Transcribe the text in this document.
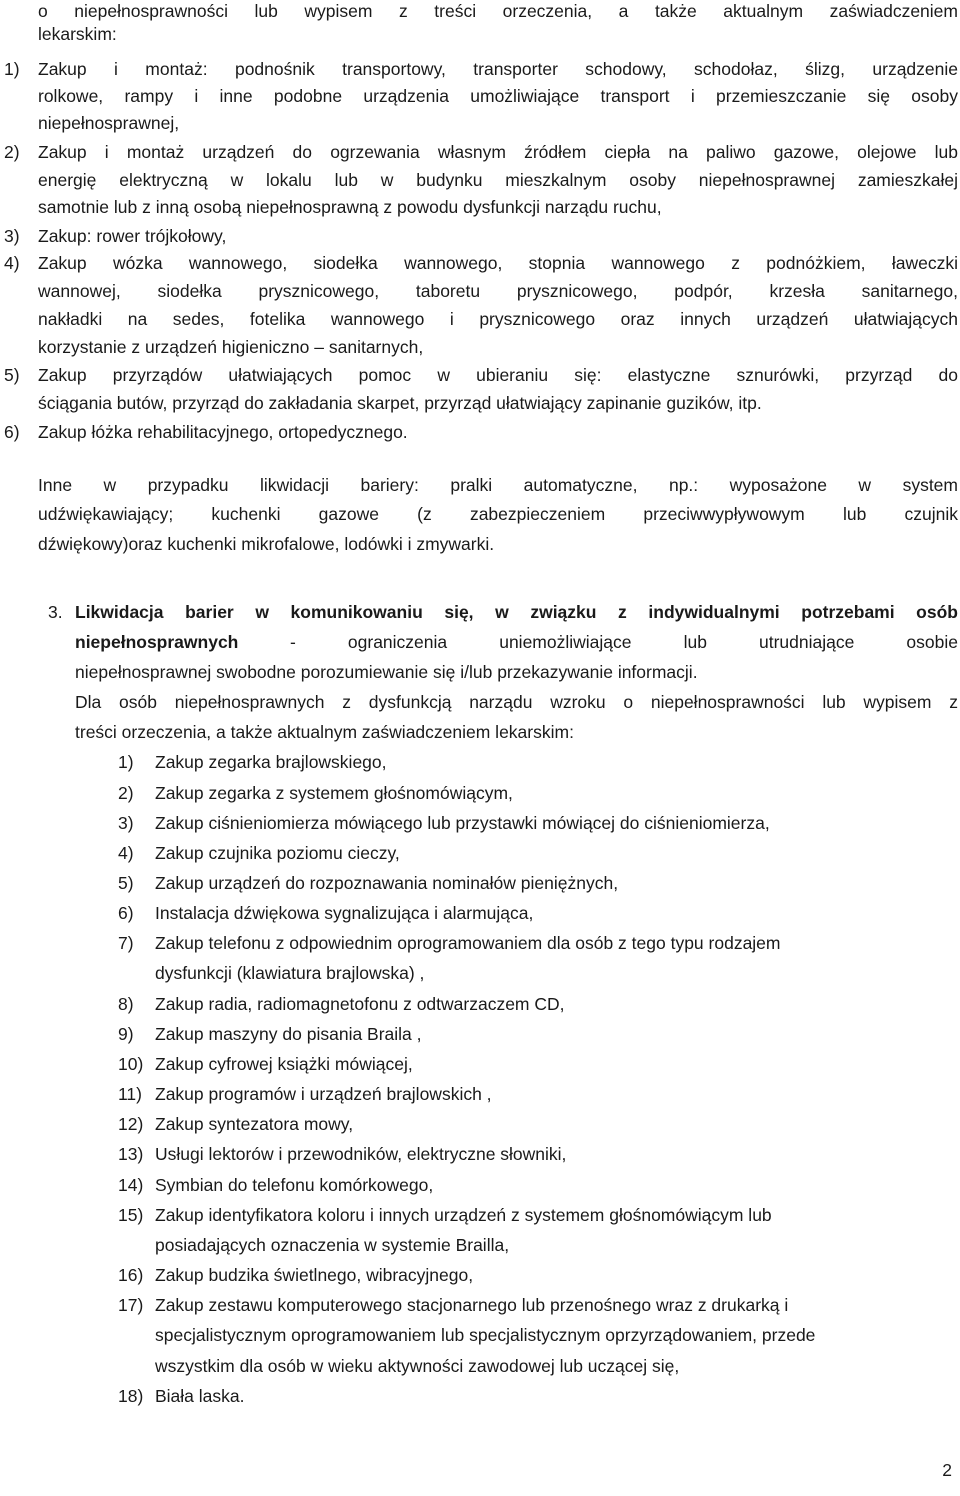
o niepełnosprawności lub wypisem z treści orzeczenia, a także aktualnym zaświadczeniem
lekarskim:
1) Zakup i montaż: podnośnik transportowy, transporter schodowy, schodołaz, ślizg, urządzenie
rolkowe, rampy i inne podobne urządzenia umożliwiające transport i przemieszczanie się osoby
niepełnosprawnej,
2) Zakup i montaż urządzeń do ogrzewania własnym źródłem ciepła na paliwo gazowe, olejowe lub
energię elektryczną w lokalu lub w budynku mieszkalnym osoby niepełnosprawnej zamieszkałej
samotnie lub z inną osobą niepełnosprawną z powodu dysfunkcji narządu ruchu,
3) Zakup: rower trójkołowy,
4) Zakup wózka wannowego, siodełka wannowego, stopnia wannowego z podnóżkiem, ławeczki
wannowej, siodełka prysznicowego, taboretu prysznicowego, podpór, krzesła sanitarnego,
nakładki na sedes, fotelika wannowego i prysznicowego oraz innych urządzeń ułatwiających
korzystanie z urządzeń higieniczno – sanitarnych,
5) Zakup przyrządów ułatwiających pomoc w ubieraniu się: elastyczne sznurówki, przyrząd do
ściągania butów, przyrząd do zakładania skarpet, przyrząd ułatwiający zapinanie guzików, itp.
6) Zakup łóżka rehabilitacyjnego, ortopedycznego.
Inne w przypadku likwidacji bariery: pralki automatyczne, np.: wyposażone w system
udźwiękawiający; kuchenki gazowe (z zabezpieczeniem przeciwwypływowym lub czujnik
dźwiękowy)oraz kuchenki mikrofalowe, lodówki i zmywarki.
3. Likwidacja barier w komunikowaniu się, w związku z indywidualnymi potrzebami osób
niepełnosprawnych	- ograniczenia uniemożliwiające lub utrudniające osobie
niepełnosprawnej swobodne porozumiewanie się i/lub przekazywanie informacji.
Dla osób niepełnosprawnych z dysfunkcją narządu wzroku o niepełnosprawności lub wypisem z
treści orzeczenia, a także aktualnym zaświadczeniem lekarskim:
1) Zakup zegarka brajlowskiego,
2) Zakup zegarka z systemem głośnomówiącym,
3) Zakup ciśnieniomierza mówiącego lub przystawki mówiącej do ciśnieniomierza,
4) Zakup czujnika poziomu cieczy,
5) Zakup urządzeń do rozpoznawania nominałów pieniężnych,
6) Instalacja dźwiękowa sygnalizująca i alarmująca,
7) Zakup telefonu z odpowiednim oprogramowaniem dla osób z tego typu rodzajem
dysfunkcji (klawiatura brajlowska) ,
8) Zakup radia, radiomagnetofonu z odtwarzaczem CD,
9) Zakup maszyny do pisania Braila ,
10) Zakup cyfrowej książki mówiącej,
11) Zakup programów i urządzeń brajlowskich ,
12) Zakup syntezatora mowy,
13) Usługi lektorów i przewodników, elektryczne słowniki,
14) Symbian do telefonu komórkowego,
15) Zakup identyfikatora koloru i innych urządzeń z systemem głośnomówiącym lub
posiadających oznaczenia w systemie Brailla,
16) Zakup budzika świetlnego, wibracyjnego,
17) Zakup zestawu komputerowego stacjonarnego lub przenośnego wraz z drukarką i
specjalistycznym oprogramowaniem lub specjalistycznym oprzyrządowaniem, przede
wszystkim dla osób w wieku aktywności zawodowej lub uczącej się,
18) Biała laska.
2
